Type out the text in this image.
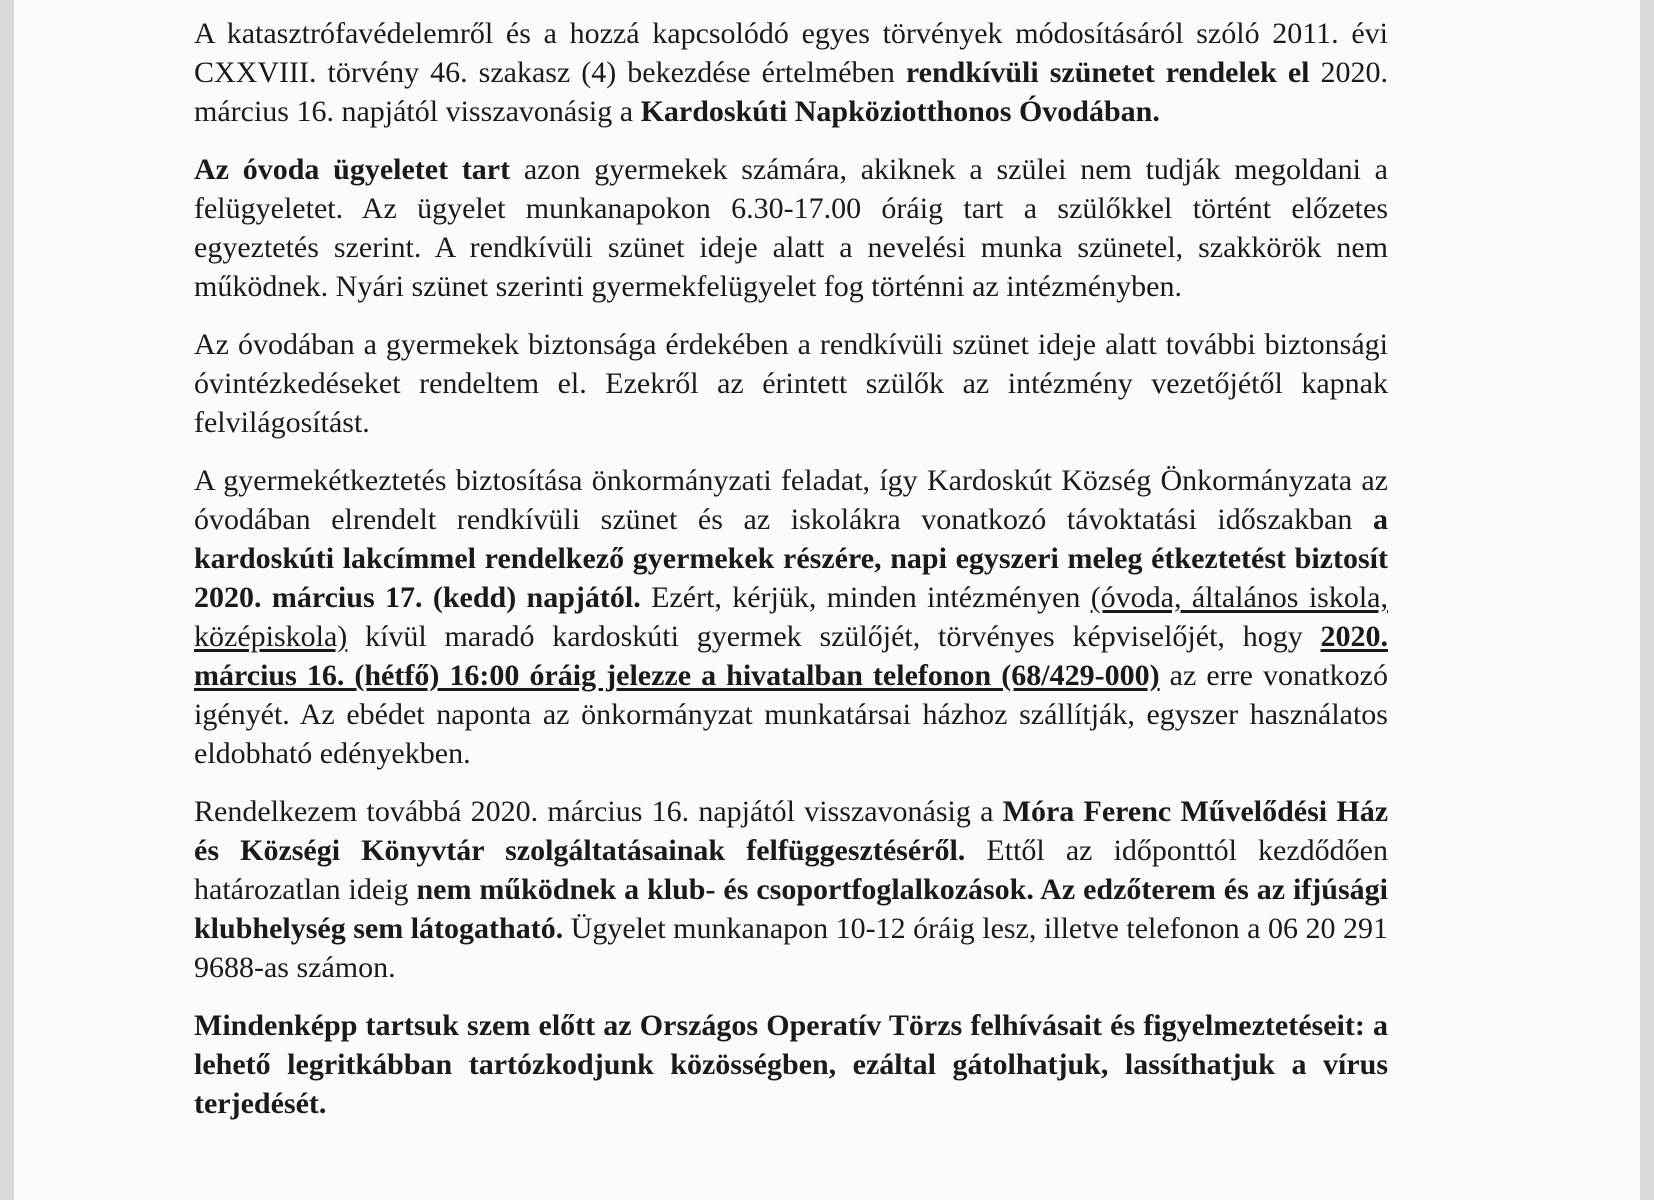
A katasztrófavédelemről és a hozzá kapcsolódó egyes törvények módosításáról szóló 2011. évi CXXVIII. törvény 46. szakasz (4) bekezdése értelmében rendkívüli szünetet rendelek el 2020. március 16. napjától visszavonásig a Kardoskúti Napköziotthonos Óvodában.

Az óvoda ügyeletet tart azon gyermekek számára, akiknek a szülei nem tudják megoldani a felügyeletet. Az ügyelet munkanapokon 6.30-17.00 óráig tart a szülőkkel történt előzetes egyeztetés szerint. A rendkívüli szünet ideje alatt a nevelési munka szünetel, szakkörök nem működnek. Nyári szünet szerinti gyermekfelügyelet fog történni az intézményben.

Az óvodában a gyermekek biztonsága érdekében a rendkívüli szünet ideje alatt további biztonsági óvintézkedéseket rendeltem el. Ezekről az érintett szülők az intézmény vezetőjétől kapnak felvilágosítást.

A gyermekétkeztetés biztosítása önkormányzati feladat, így Kardoskút Község Önkormányzata az óvodában elrendelt rendkívüli szünet és az iskolákra vonatkozó távoktatási időszakban a kardoskúti lakcímmel rendelkező gyermekek részére, napi egyszeri meleg étkeztetést biztosít 2020. március 17. (kedd) napjától. Ezért, kérjük, minden intézményen (óvoda, általános iskola, középiskola) kívül maradó kardoskúti gyermek szülőjét, törvényes képviselőjét, hogy 2020. március 16. (hétfő) 16:00 óráig jelezze a hivatalban telefonon (68/429-000) az erre vonatkozó igényét. Az ebédet naponta az önkormányzat munkatársai házhoz szállítják, egyszer használatos eldobható edényekben.

Rendelkezem továbbá 2020. március 16. napjától visszavonásig a Móra Ferenc Művelődési Ház és Községi Könyvtár szolgáltatásainak felfüggesztéséről. Ettől az időponttól kezdődően határozatlan ideig nem működnek a klub- és csoportfoglalkozások. Az edzőterem és az ifjúsági klubhelység sem látogatható. Ügyelet munkanapon 10-12 óráig lesz, illetve telefonon a 06 20 291 9688-as számon.

Mindenképp tartsuk szem előtt az Országos Operatív Törzs felhívásait és figyelmeztetéseit: a lehető legritkábban tartózkodjunk közösségben, ezáltal gátolhatjuk, lassíthatjuk a vírus terjedését.
